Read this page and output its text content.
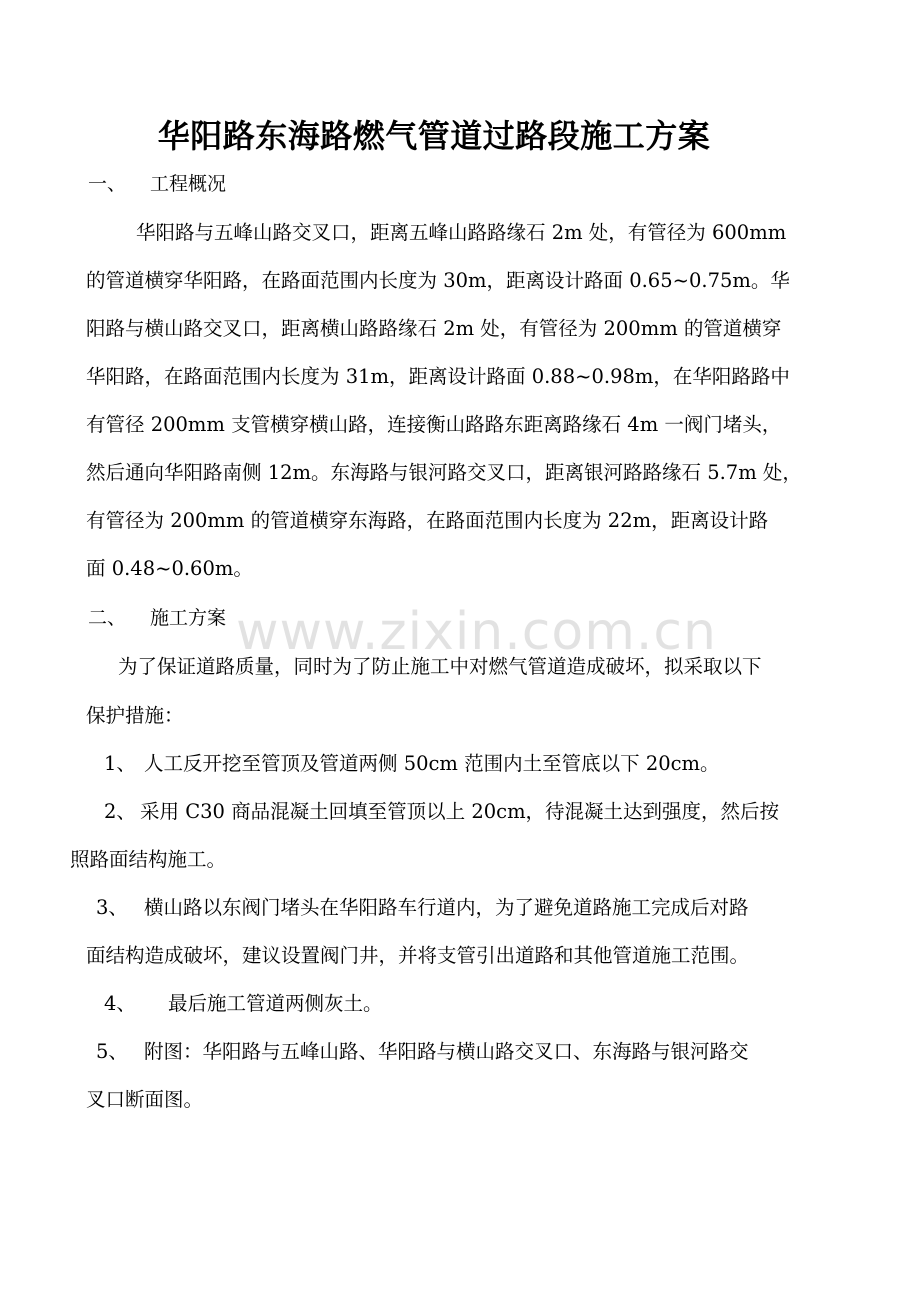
华阳路东海路燃气管道过路段施工方案
一、 工程概况
华阳路与五峰山路交叉口，距离五峰山路路缘石 2m 处，有管径为 600mm
的管道横穿华阳路，在路面范围内长度为 30m，距离设计路面 0.65~0.75m。华
阳路与横山路交叉口，距离横山路路缘石 2m 处，有管径为 200mm 的管道横穿
华阳路，在路面范围内长度为 31m，距离设计路面 0.88~0.98m，在华阳路路中
有管径 200mm 支管横穿横山路，连接衡山路路东距离路缘石 4m 一阀门堵头，
然后通向华阳路南侧 12m。东海路与银河路交叉口，距离银河路路缘石 5.7m 处，
有管径为 200mm 的管道横穿东海路，在路面范围内长度为 22m，距离设计路
面 0.48~0.60m。
二、 施工方案
为了保证道路质量，同时为了防止施工中对燃气管道造成破坏，拟采取以下
保护措施：
1、 人工反开挖至管顶及管道两侧 50cm 范围内土至管底以下 20cm。
2、 采用 C30 商品混凝土回填至管顶以上 20cm，待混凝土达到强度，然后按
照路面结构施工。
3、 横山路以东阀门堵头在华阳路车行道内，为了避免道路施工完成后对路
面结构造成破坏，建议设置阀门井，并将支管引出道路和其他管道施工范围。
4、 最后施工管道两侧灰土。
5、 附图：华阳路与五峰山路、华阳路与横山路交叉口、东海路与银河路交
叉口断面图。
www.zixin.com.cn
